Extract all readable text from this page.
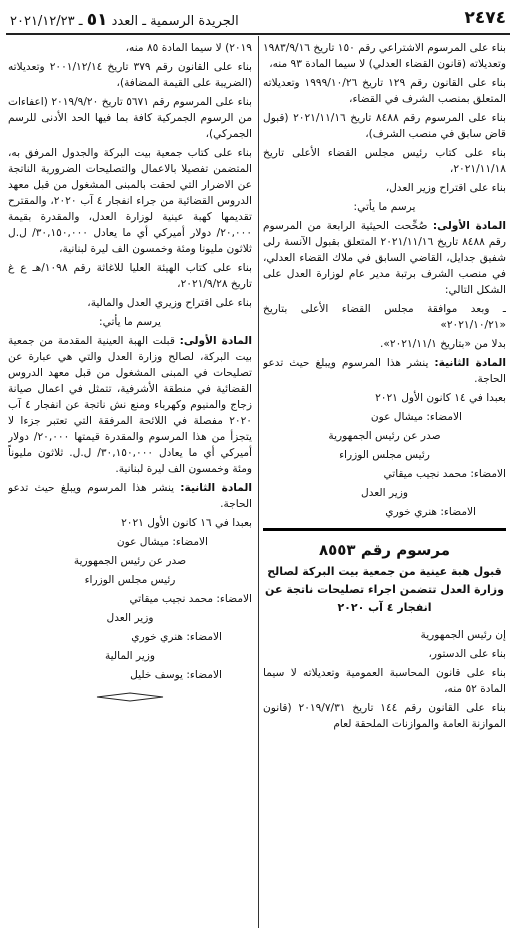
٢٤٧٤
الجريدة الرسمية ـ العدد ٥١ ـ ٢٠٢١/١٢/٢٣

بناء على المرسوم الاشتراعي رقم ١٥٠ تاريخ ١٩٨٣/٩/١٦ وتعديلاته (قانون القضاء العدلي) لا سيما المادة ٩٣ منه،

بناء على القانون رقم ١٢٩ تاريخ ١٩٩٩/١٠/٢٦ وتعديلاته المتعلق بمنصب الشرف في القضاء،

بناء على المرسوم رقم ٨٤٨٨ تاريخ ٢٠٢١/١١/١٦ (قبول قاض سابق في منصب الشرف)،

بناء على كتاب رئيس مجلس القضاء الأعلى تاريخ ٢٠٢١/١١/١٨،

بناء على اقتراح وزير العدل،

يرسم ما يأتي:

المادة الأولى: صُحِّحت الحيثية الرابعة من المرسوم رقم ٨٤٨٨ تاريخ ٢٠٢١/١١/١٦ المتعلق بقبول الآنسة رلى شفيق جدايل، القاضي السابق في ملاك القضاء العدلي، في منصب الشرف برتبة مدير عام لوزارة العدل على الشكل التالي:

ـ وبعد موافقة مجلس القضاء الأعلى بتاريخ «٢٠٢١/١٠/٢١»

بدلا من «بتاريخ ٢٠٢١/١١/١».

المادة الثانية: ينشر هذا المرسوم ويبلغ حيث تدعو الحاجة.

بعبدا في ١٤ كانون الأول ٢٠٢١

الامضاء: ميشال عون

صدر عن رئيس الجمهورية

رئيس مجلس الوزراء

الامضاء: محمد نجيب ميقاتي

وزير العدل

الامضاء: هنري خوري

مرسوم رقم ٨٥٥٣

قبول هبة عينية من جمعية بيت البركة لصالح وزارة العدل تتضمن اجراء تصليحات ناتجة عن انفجار ٤ آب ٢٠٢٠

إن رئيس الجمهورية

بناء على الدستور،

بناء على قانون المحاسبة العمومية وتعديلاته لا سيما المادة ٥٢ منه،

بناء على القانون رقم ١٤٤ تاريخ ٢٠١٩/٧/٣١ (قانون الموازنة العامة والموازنات الملحقة لعام

٢٠١٩) لا سيما المادة ٨٥ منه،

بناء على القانون رقم ٣٧٩ تاريخ ٢٠٠١/١٢/١٤ وتعديلاته (الضريبة على القيمة المضافة)،

بناء على المرسوم رقم ٥٦٧١ تاريخ ٢٠١٩/٩/٢٠ (اعفاءات من الرسوم الجمركية كافة بما فيها الحد الأدنى للرسم الجمركي)،

بناء على كتاب جمعية بيت البركة والجدول المرفق به، المتضمن تفصيلا بالاعمال والتصليحات الضرورية الناتجة عن الاضرار التي لحقت بالمبنى المشغول من قبل معهد الدروس القضائية من جراء انفجار ٤ آب ٢٠٢٠، والمقترح تقديمها كهبة عينية لوزارة العدل، والمقدرة بقيمة ٢٠,٠٠٠/ دولار أميركي أي ما يعادل ٣٠,١٥٠,٠٠٠/ ل.ل ثلاثون مليونا ومئة وخمسون الف ليرة لبنانية،

بناء على كتاب الهيئة العليا للاغاثة رقم ١٠٩٨/هـ ع غ تاريخ ٢٠٢١/٩/٢٨،

بناء على اقتراح وزيري العدل والمالية،

يرسم ما يأتي:

المادة الأولى: قبلت الهبة العينية المقدمة من جمعية بيت البركة، لصالح وزارة العدل والتي هي عبارة عن تصليحات في المبنى المشغول من قبل معهد الدروس القضائية في منطقة الأشرفية، تتمثل في اعمال صيانة زجاج والمنيوم وكهرباء ومنع نش ناتجة عن انفجار ٤ آب ٢٠٢٠ مفصلة في اللائحة المرفقة التي تعتبر جزءا لا يتجزأ من هذا المرسوم والمقدرة قيمتها ٢٠,٠٠٠/ دولار أميركي أي ما يعادل ٣٠,١٥٠,٠٠٠/ ل.ل. ثلاثون مليوناً ومئة وخمسون الف ليرة لبنانية.

المادة الثانية: ينشر هذا المرسوم ويبلغ حيث تدعو الحاجة.

بعبدا في ١٦ كانون الأول ٢٠٢١

الامضاء: ميشال عون

صدر عن رئيس الجمهورية

رئيس مجلس الوزراء

الامضاء: محمد نجيب ميقاتي

وزير العدل

الامضاء: هنري خوري

وزير المالية

الامضاء: يوسف خليل
